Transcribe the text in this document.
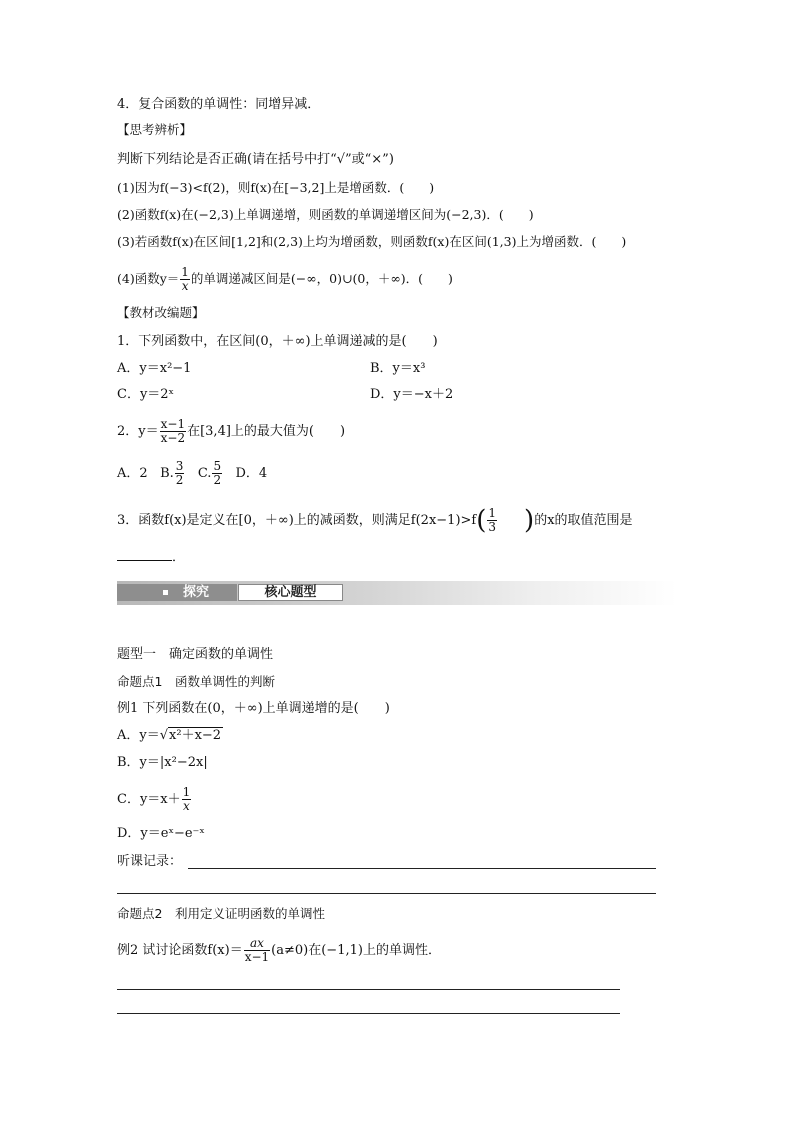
4．复合函数的单调性：同增异减．
【思考辨析】
判断下列结论是否正确(请在括号中打“√”或“×”)
(1)因为f(−3)<f(2)，则f(x)在[−3,2]上是增函数．(　　)
(2)函数f(x)在(−2,3)上单调递增，则函数的单调递增区间为(−2,3)．(　　)
(3)若函数f(x)在区间[1,2]和(2,3)上均为增函数，则函数f(x)在区间(1,3)上为增函数．(　　)
(4)函数$y= \frac{1}{x}$ 的单调递减区间是(−∞，0)∪(0，＋∞)．(　　)
【教材改编题】
1．下列函数中，在区间(0，＋∞)上单调递减的是(　　)
A．y＝x²−1	B．y＝x³
C．y＝2ˣ	D．y＝−x＋2
2．$y= \frac{x-1}{x-2}$ 在[3,4]上的最大值为(　　)
A．2 B. $\frac{3}{2} C$. $\frac{5}{2}$ D．4
3．函数f(x)是定义在[0，＋∞)上的减函数，则满足$f(2x-1)>f( \frac{1}{3}$ )的x的取值范围是
．
探究	核心题型
题型一　确定函数的单调性
命题点1　函数单调性的判断
例1 下列函数在(0，＋∞)上单调递增的是(　　)
A．y＝√x²＋x−2
B．y＝|x²−2x|
C．$y=x+ \frac{1}{x}$
D．y＝eˣ−e⁻ˣ
听课记录：
命题点2　利用定义证明函数的单调性
例2 试讨论函数$f(x)= \frac{ax}{x-1} (a\ne 0)$在(−1,1)上的单调性．
